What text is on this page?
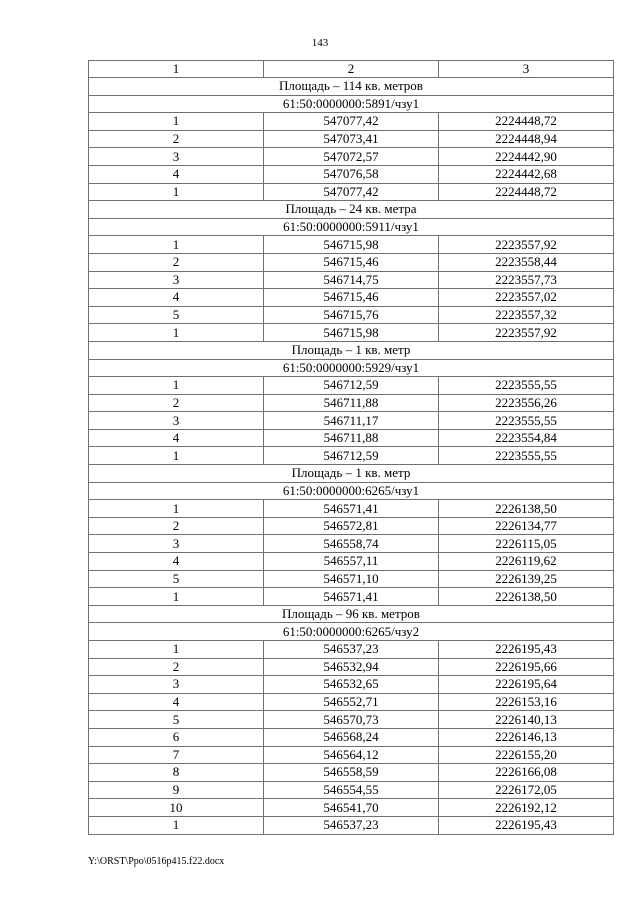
143
1	2	3
Площадь – 114 кв. метров		
61:50:0000000:5891/чзу1		
1	547077,42	2224448,72
2	547073,41	2224448,94
3	547072,57	2224442,90
4	547076,58	2224442,68
1	547077,42	2224448,72
Площадь – 24 кв. метра		
61:50:0000000:5911/чзу1		
1	546715,98	2223557,92
2	546715,46	2223558,44
3	546714,75	2223557,73
4	546715,46	2223557,02
5	546715,76	2223557,32
1	546715,98	2223557,92
Площадь – 1 кв. метр		
61:50:0000000:5929/чзу1		
1	546712,59	2223555,55
2	546711,88	2223556,26
3	546711,17	2223555,55
4	546711,88	2223554,84
1	546712,59	2223555,55
Площадь – 1 кв. метр		
61:50:0000000:6265/чзу1		
1	546571,41	2226138,50
2	546572,81	2226134,77
3	546558,74	2226115,05
4	546557,11	2226119,62
5	546571,10	2226139,25
1	546571,41	2226138,50
Площадь – 96 кв. метров		
61:50:0000000:6265/чзу2		
1	546537,23	2226195,43
2	546532,94	2226195,66
3	546532,65	2226195,64
4	546552,71	2226153,16
5	546570,73	2226140,13
6	546568,24	2226146,13
7	546564,12	2226155,20
8	546558,59	2226166,08
9	546554,55	2226172,05
10	546541,70	2226192,12
1	546537,23	2226195,43
Y:\ORST\Ppo\0516p415.f22.docx
